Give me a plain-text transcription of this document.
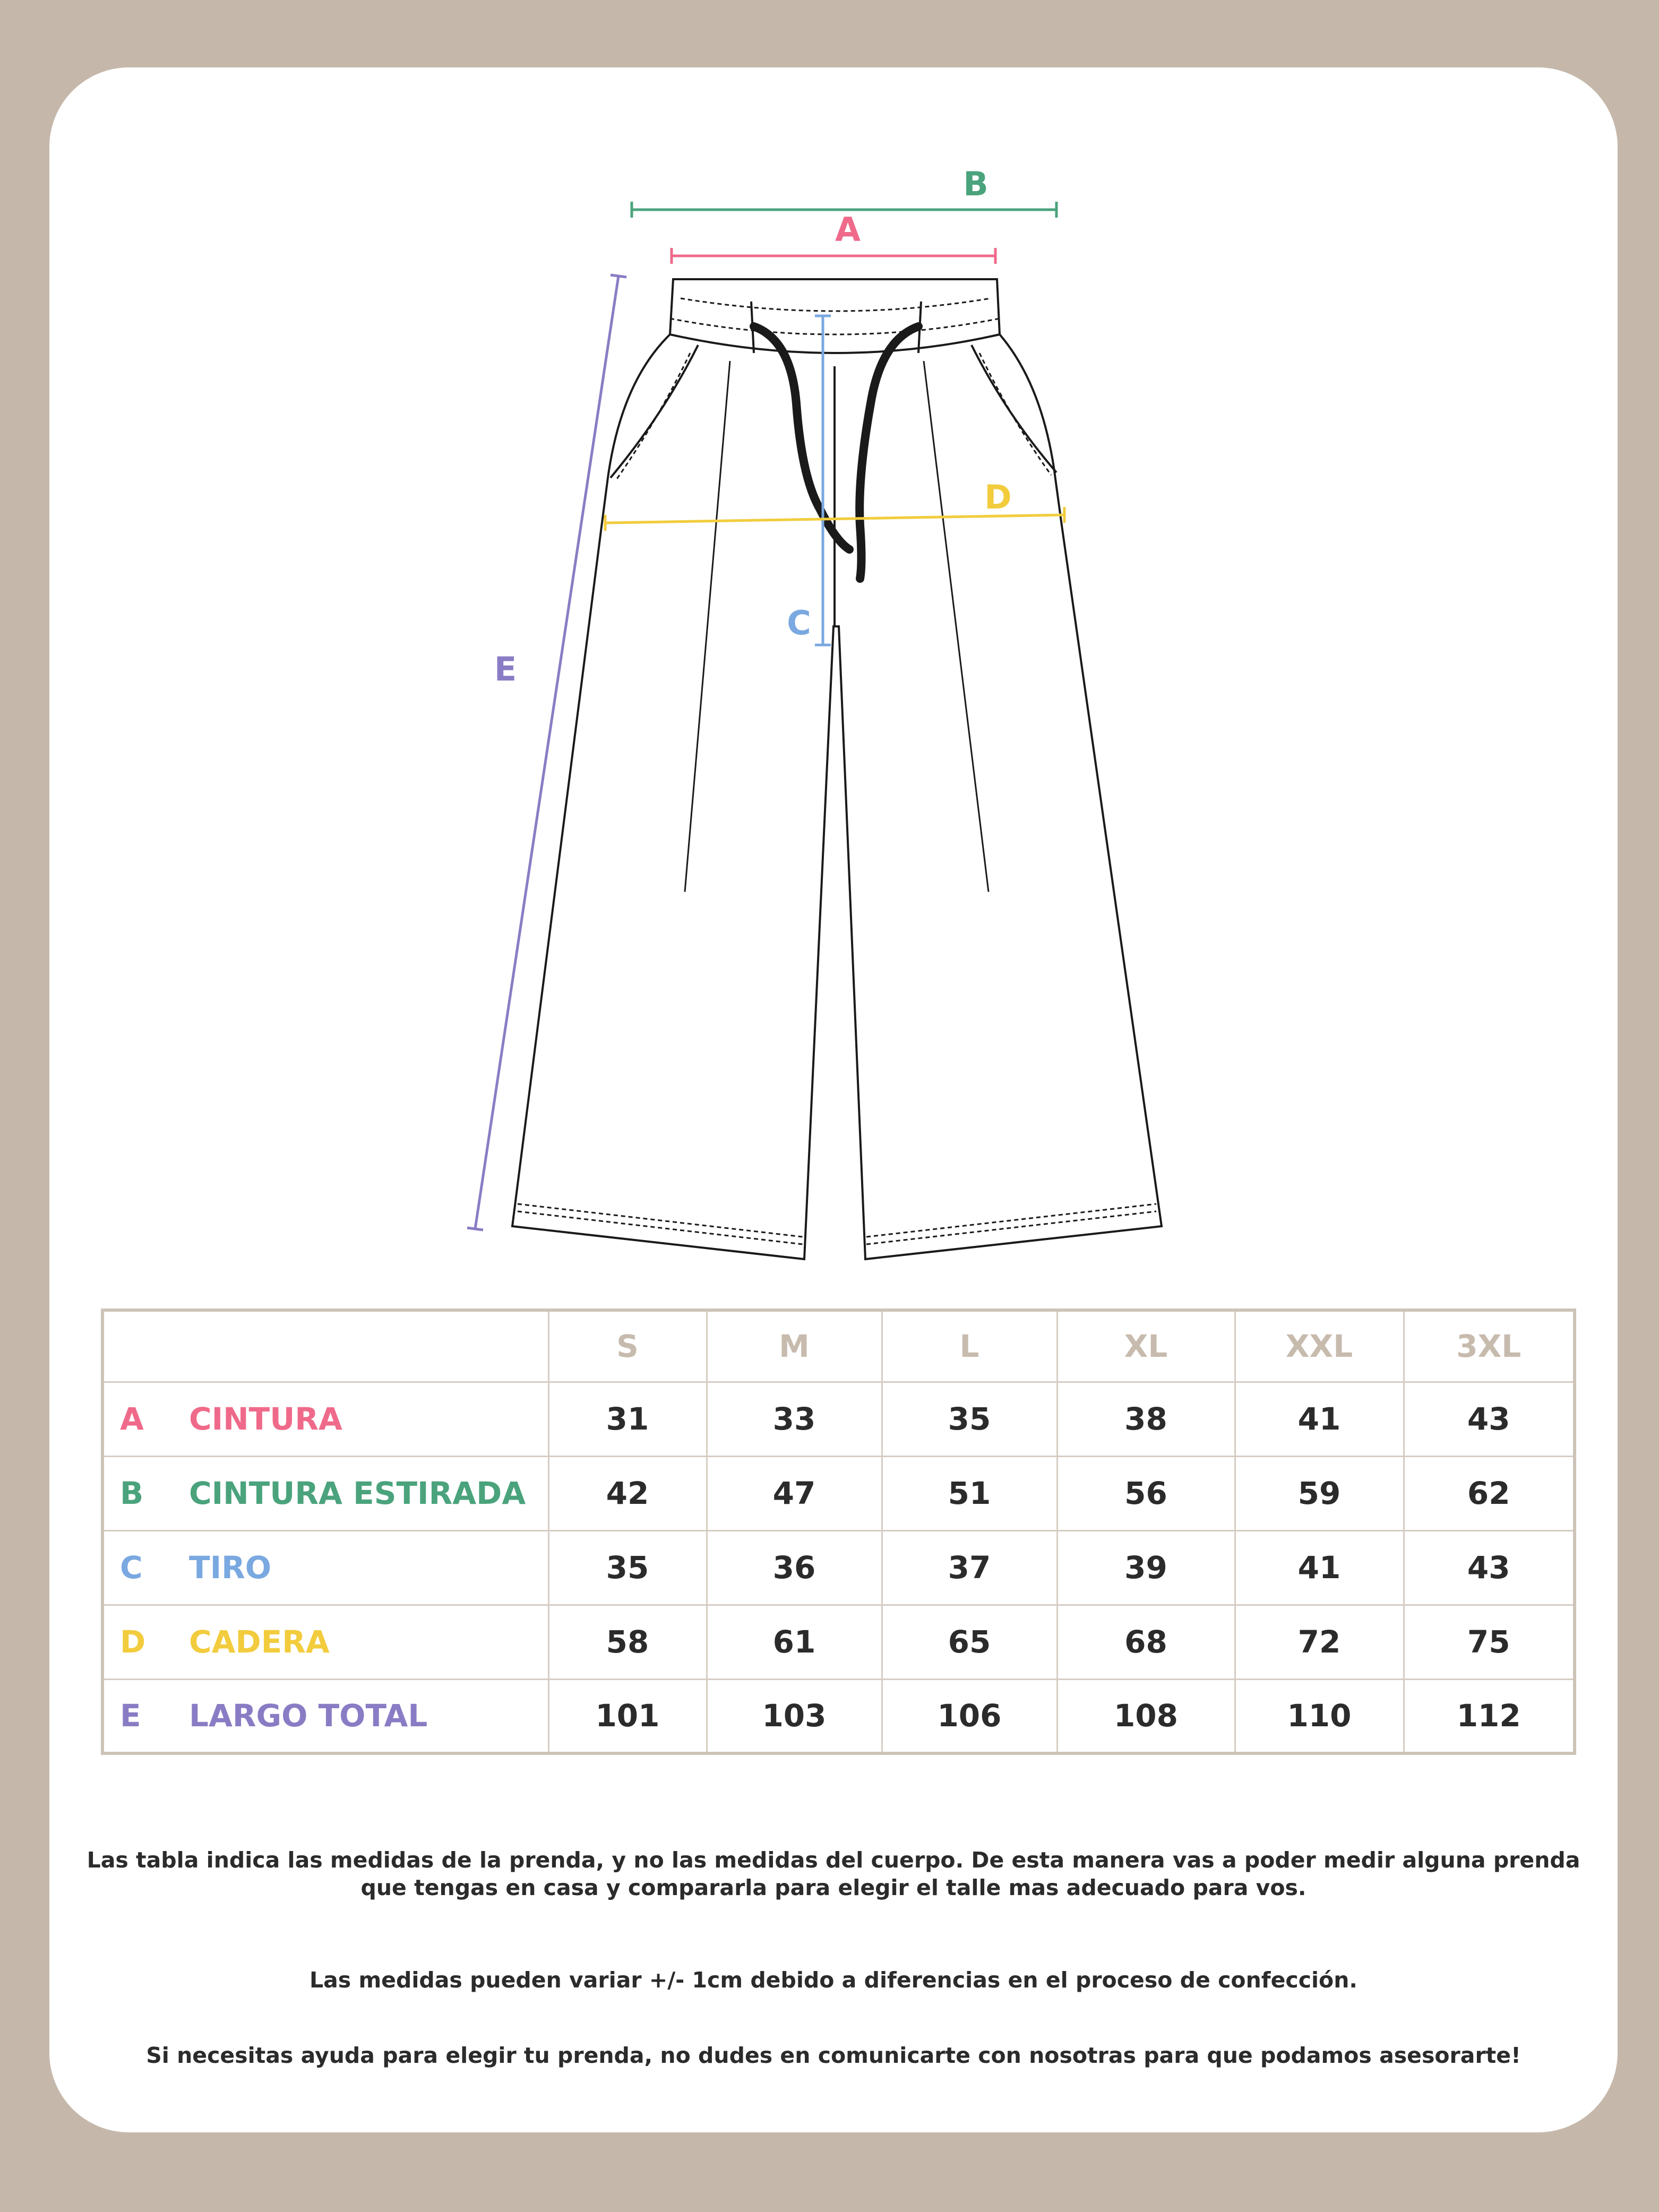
B
A
C
D
E
	S	M	L	XL	XXL	3XL
A CINTURA	31	33	35	38	41	43
B CINTURA ESTIRADA	42	47	51	56	59	62
C TIRO	35	36	37	39	41	43
D CADERA	58	61	65	68	72	75
E LARGO TOTAL	101	103	106	108	110	112
Las tabla indica las medidas de la prenda, y no las medidas del cuerpo. De esta manera vas a poder medir alguna prenda
que tengas en casa y compararla para elegir el talle mas adecuado para vos.
Las medidas pueden variar +/- 1cm debido a diferencias en el proceso de confección.
Si necesitas ayuda para elegir tu prenda, no dudes en comunicarte con nosotras para que podamos asesorarte!
